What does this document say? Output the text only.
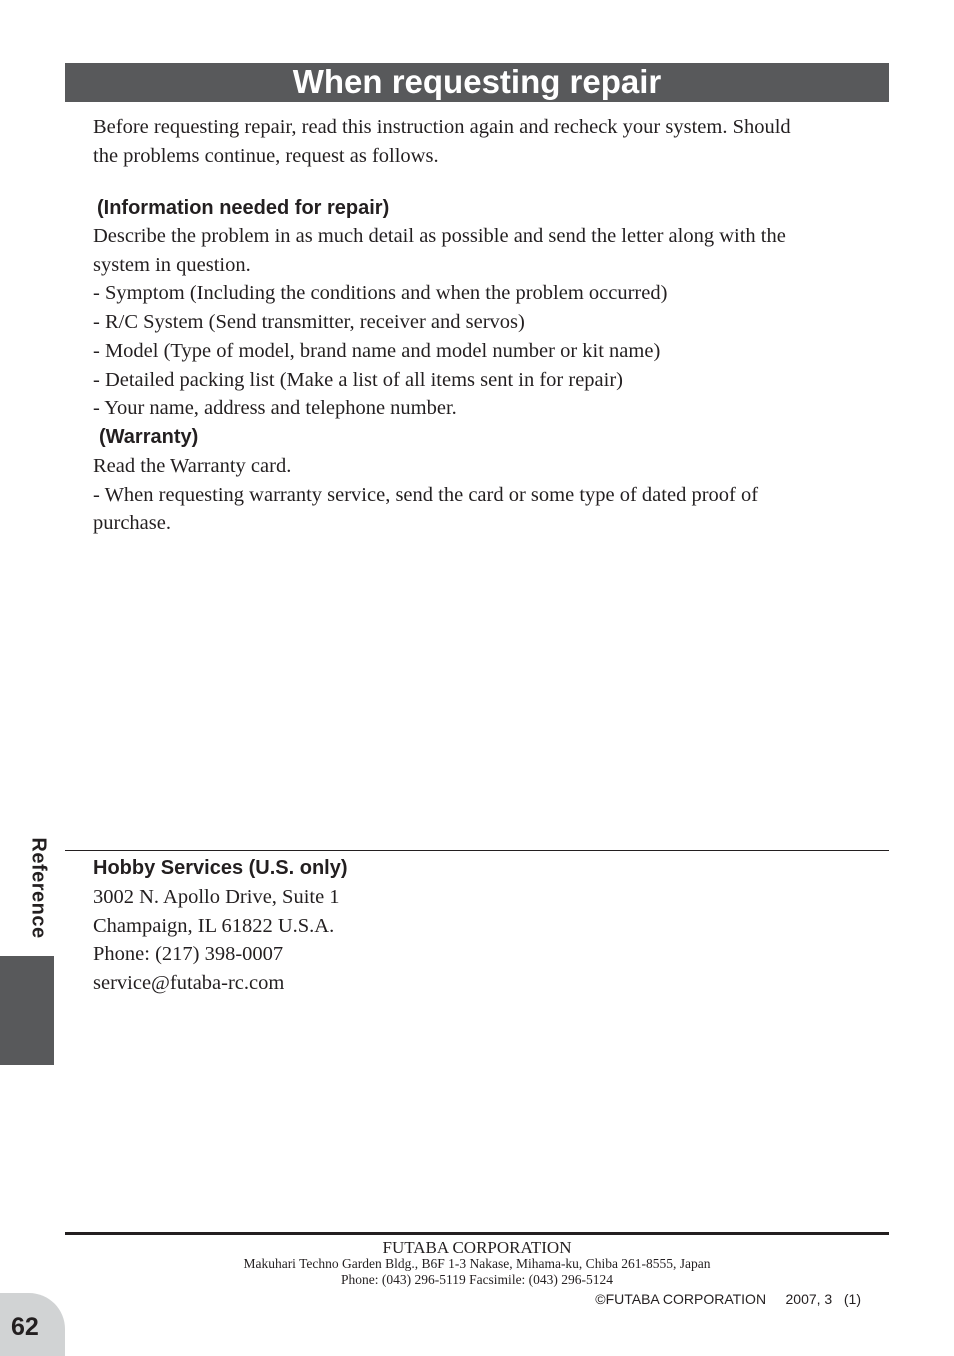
When requesting repair

Before requesting repair, read this instruction again and recheck your system. Should

the problems continue, request as follows.

(Information needed for repair)

Describe the problem in as much detail as possible and send the letter along with the

system in question.

- Symptom (Including the conditions and when the problem occurred)

- R/C System (Send transmitter, receiver and servos)

- Model (Type of model, brand name and model number or kit name)

- Detailed packing list (Make a list of all items sent in for repair)

- Your name, address and telephone number.

(Warranty)

Read the Warranty card.

- When requesting warranty service, send the card or some type of dated proof of

purchase.

Hobby Services (U.S. only)

3002 N. Apollo Drive, Suite 1

Champaign, IL 61822 U.S.A.

Phone: (217) 398-0007

service@futaba-rc.com

Reference
FUTABA CORPORATION
Makuhari Techno Garden Bldg., B6F 1-3 Nakase, Mihama-ku, Chiba 261-8555, Japan
Phone: (043) 296-5119 Facsimile: (043) 296-5124
©FUTABA CORPORATION     2007, 3   (1)
62
